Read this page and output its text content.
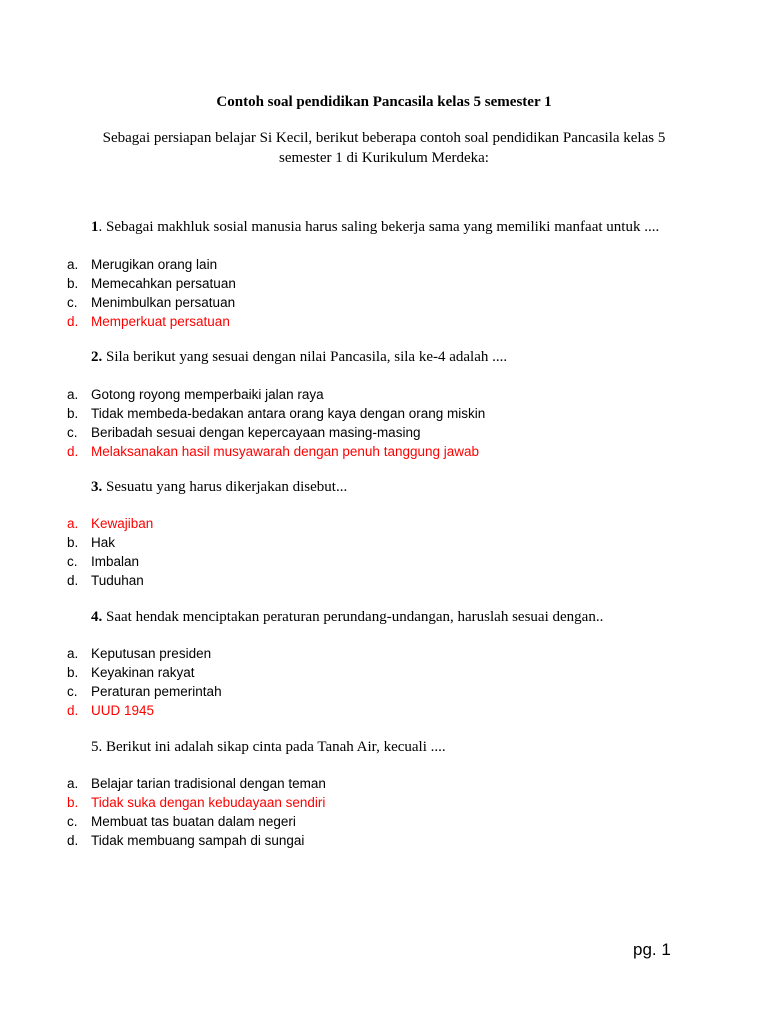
Contoh soal pendidikan Pancasila kelas 5 semester 1
Sebagai persiapan belajar Si Kecil, berikut beberapa contoh soal pendidikan Pancasila kelas 5 semester 1 di Kurikulum Merdeka:
1. Sebagai makhluk sosial manusia harus saling bekerja sama yang memiliki manfaat untuk ....
a. Merugikan orang lain
b. Memecahkan persatuan
c. Menimbulkan persatuan
d. Memperkuat persatuan
2. Sila berikut yang sesuai dengan nilai Pancasila, sila ke-4 adalah ....
a. Gotong royong memperbaiki jalan raya
b. Tidak membeda-bedakan antara orang kaya dengan orang miskin
c. Beribadah sesuai dengan kepercayaan masing-masing
d. Melaksanakan hasil musyawarah dengan penuh tanggung jawab
3. Sesuatu yang harus dikerjakan disebut...
a. Kewajiban
b. Hak
c. Imbalan
d. Tuduhan
4. Saat hendak menciptakan peraturan perundang-undangan, haruslah sesuai dengan..
a. Keputusan presiden
b. Keyakinan rakyat
c. Peraturan pemerintah
d. UUD 1945
5. Berikut ini adalah sikap cinta pada Tanah Air, kecuali ....
a. Belajar tarian tradisional dengan teman
b. Tidak suka dengan kebudayaan sendiri
c. Membuat tas buatan dalam negeri
d. Tidak membuang sampah di sungai
pg. 1
